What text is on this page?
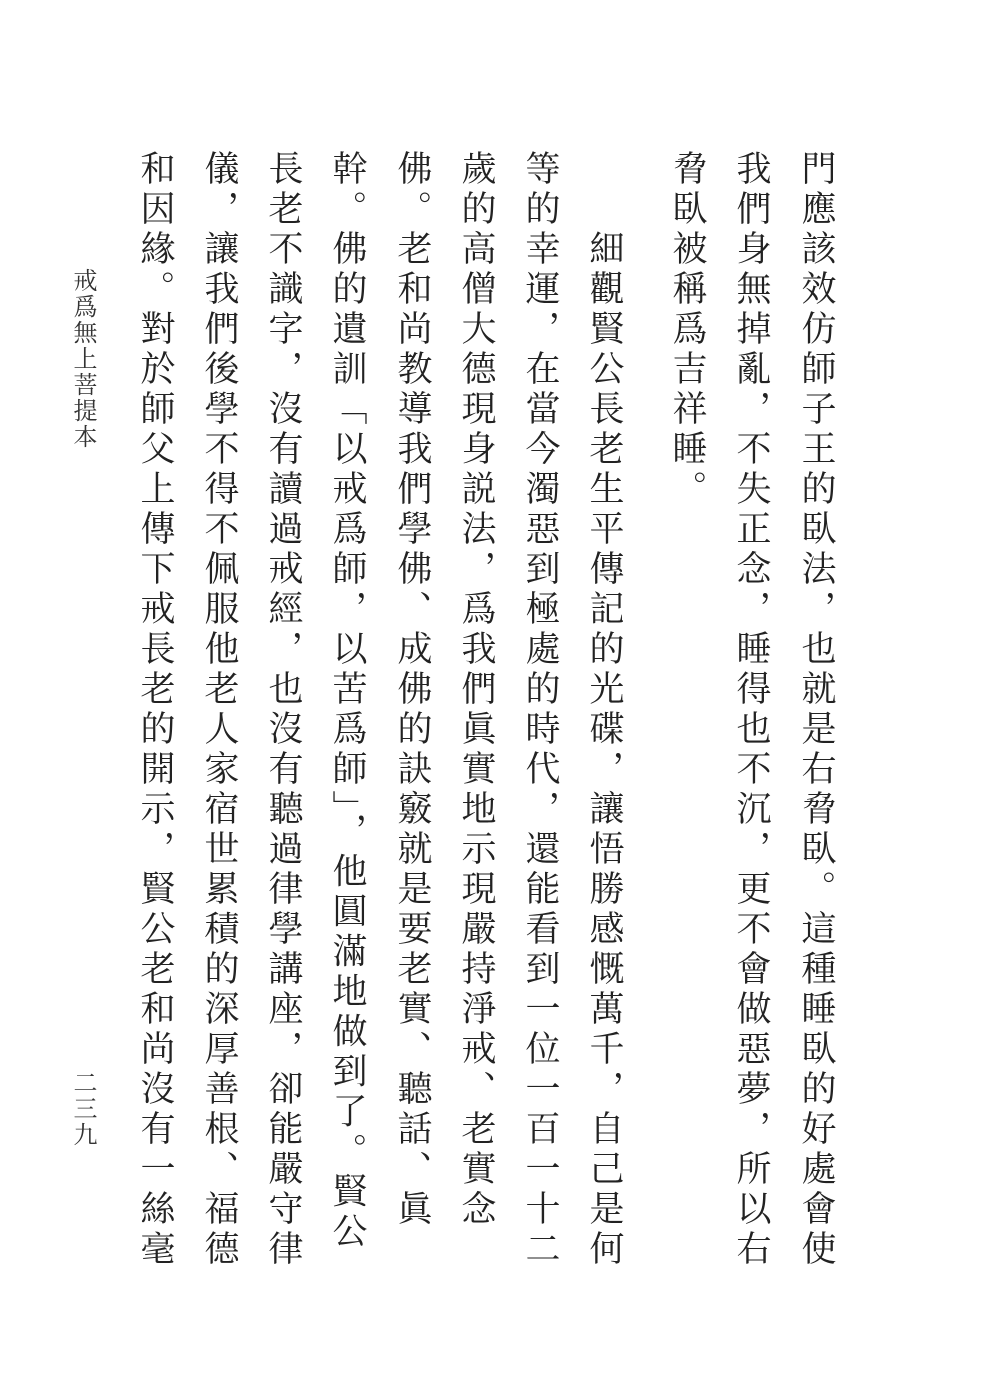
門應該效仿師子王的臥法，也就是右脅臥。這種睡臥的好處會使
我們身無掉亂，不失正念，睡得也不沉，更不會做惡夢，所以右
脅臥被稱爲吉祥睡。
細觀賢公長老生平傳記的光碟，讓悟勝感慨萬千，自己是何
等的幸運，在當今濁惡到極處的時代，還能看到一位一百一十二
歲的高僧大德現身説法，爲我們眞實地示現嚴持淨戒、老實念
佛。老和尚教導我們學佛、成佛的訣竅就是要老實、聽話、眞
幹。佛的遺訓「以戒爲師，以苦爲師」，他圓滿地做到了。賢公
長老不識字，沒有讀過戒經，也沒有聽過律學講座，卻能嚴守律
儀，讓我們後學不得不佩服他老人家宿世累積的深厚善根、福德
和因緣。對於師父上傳下戒長老的開示，賢公老和尚沒有一絲毫
戒爲無上菩提本
二三九
